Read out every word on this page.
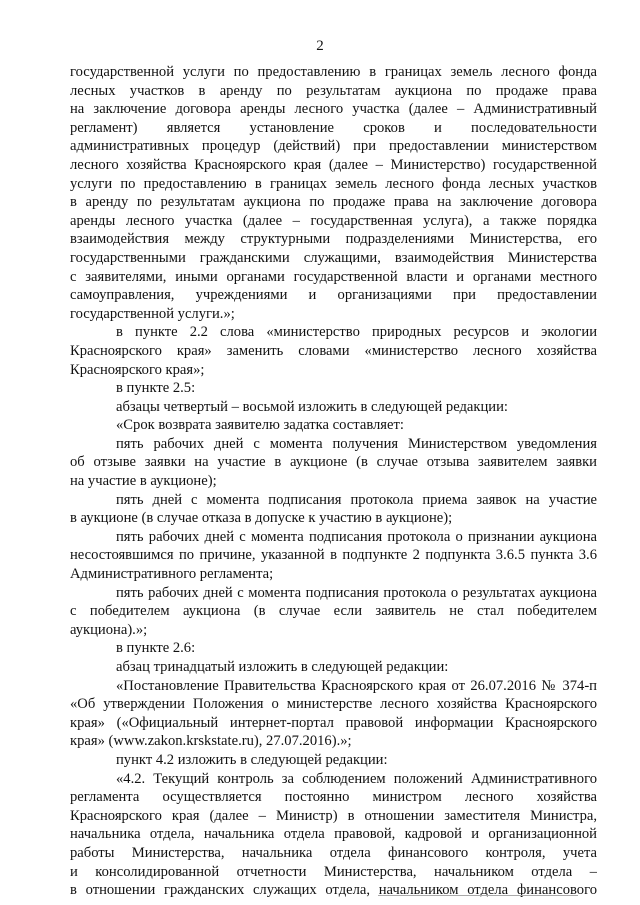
2
государственной услуги по предоставлению в границах земель лесного фонда
лесных участков в аренду по результатам аукциона по продаже права
на заключение договора аренды лесного участка (далее – Административный
регламент) является установление сроков и последовательности
административных процедур (действий) при предоставлении министерством
лесного хозяйства Красноярского края (далее – Министерство) государственной
услуги по предоставлению в границах земель лесного фонда лесных участков
в аренду по результатам аукциона по продаже права на заключение договора
аренды лесного участка (далее – государственная услуга), а также порядка
взаимодействия между структурными подразделениями Министерства, его
государственными гражданскими служащими, взаимодействия Министерства
с заявителями, иными органами государственной власти и органами местного
самоуправления, учреждениями и организациями при предоставлении
государственной услуги.»;
в пункте 2.2 слова «министерство природных ресурсов и экологии
Красноярского края» заменить словами «министерство лесного хозяйства
Красноярского края»;
в пункте 2.5:
абзацы четвертый – восьмой изложить в следующей редакции:
«Срок возврата заявителю задатка составляет:
пять рабочих дней с момента получения Министерством уведомления
об отзыве заявки на участие в аукционе (в случае отзыва заявителем заявки
на участие в аукционе);
пять дней с момента подписания протокола приема заявок на участие
в аукционе (в случае отказа в допуске к участию в аукционе);
пять рабочих дней с момента подписания протокола о признании аукциона
несостоявшимся по причине, указанной в подпункте 2 подпункта 3.6.5 пункта 3.6
Административного регламента;
пять рабочих дней с момента подписания протокола о результатах аукциона
с победителем аукциона (в случае если заявитель не стал победителем
аукциона).»;
в пункте 2.6:
абзац тринадцатый изложить в следующей редакции:
«Постановление Правительства Красноярского края от 26.07.2016 № 374-п
«Об утверждении Положения о министерстве лесного хозяйства Красноярского
края» («Официальный интернет-портал правовой информации Красноярского
края» (www.zakon.krskstate.ru), 27.07.2016).»;
пункт 4.2 изложить в следующей редакции:
«4.2. Текущий контроль за соблюдением положений Административного
регламента осуществляется постоянно министром лесного хозяйства
Красноярского края (далее – Министр) в отношении заместителя Министра,
начальника отдела, начальника отдела правовой, кадровой и организационной
работы Министерства, начальника отдела финансового контроля, учета
и консолидированной отчетности Министерства, начальником отдела –
в отношении гражданских служащих отдела, начальником отдела финансового
